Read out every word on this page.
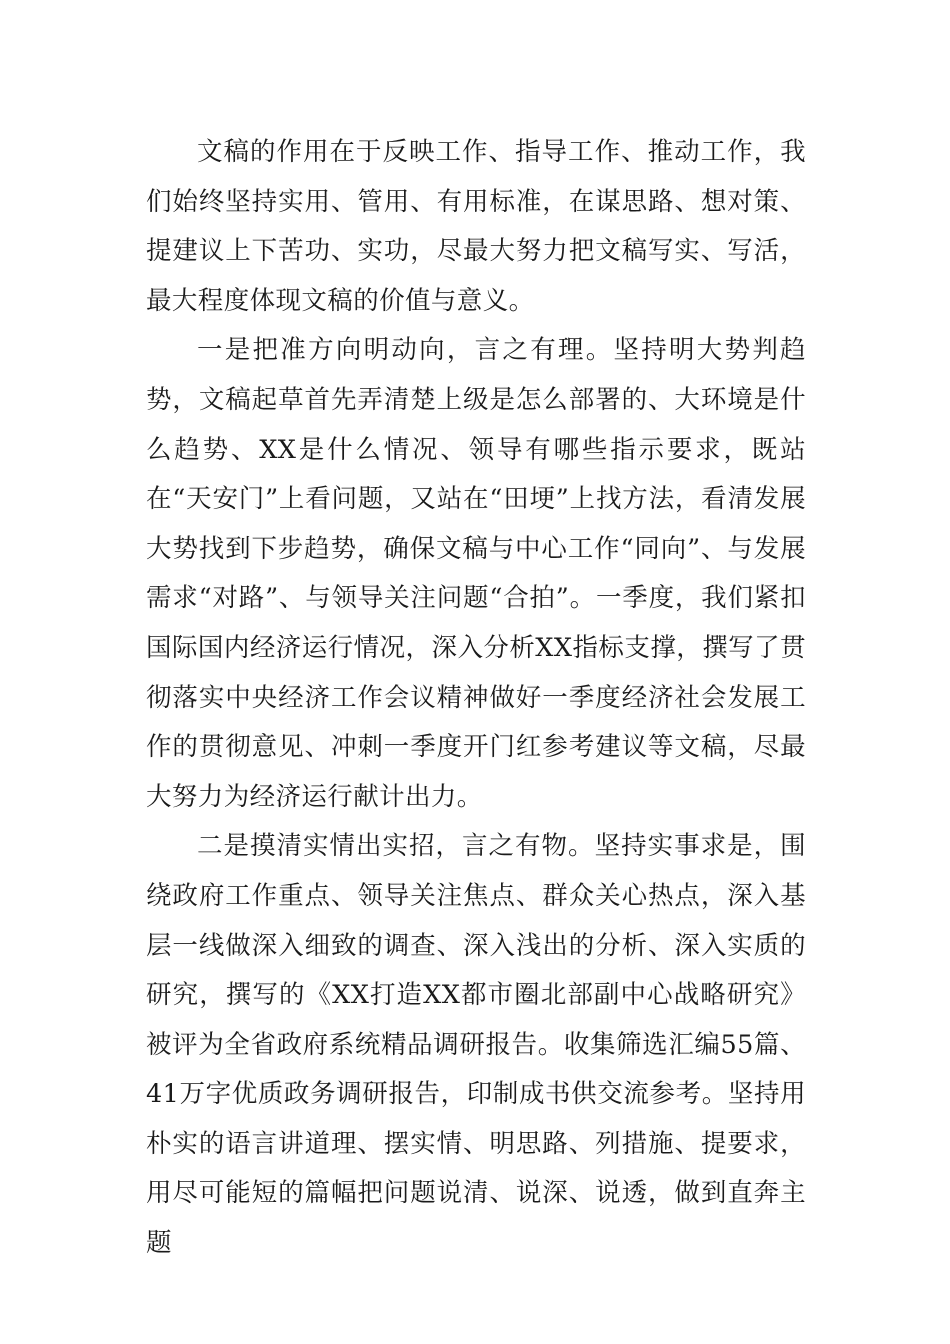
文稿的作用在于反映工作、指导工作、推动工作，我们始终坚持实用、管用、有用标准，在谋思路、想对策、提建议上下苦功、实功，尽最大努力把文稿写实、写活，最大程度体现文稿的价值与意义。

一是把准方向明动向，言之有理。坚持明大势判趋势，文稿起草首先弄清楚上级是怎么部署的、大环境是什么趋势、XX是什么情况、领导有哪些指示要求，既站在“天安门”上看问题，又站在“田埂”上找方法，看清发展大势找到下步趋势，确保文稿与中心工作“同向”、与发展需求“对路”、与领导关注问题“合拍”。一季度，我们紧扣国际国内经济运行情况，深入分析XX指标支撑，撰写了贯彻落实中央经济工作会议精神做好一季度经济社会发展工作的贯彻意见、冲刺一季度开门红参考建议等文稿，尽最大努力为经济运行献计出力。

二是摸清实情出实招，言之有物。坚持实事求是，围绕政府工作重点、领导关注焦点、群众关心热点，深入基层一线做深入细致的调查、深入浅出的分析、深入实质的研究，撰写的《XX打造XX都市圈北部副中心战略研究》被评为全省政府系统精品调研报告。收集筛选汇编55篇、41万字优质政务调研报告，印制成书供交流参考。坚持用朴实的语言讲道理、摆实情、明思路、列措施、提要求，用尽可能短的篇幅把问题说清、说深、说透，做到直奔主题
